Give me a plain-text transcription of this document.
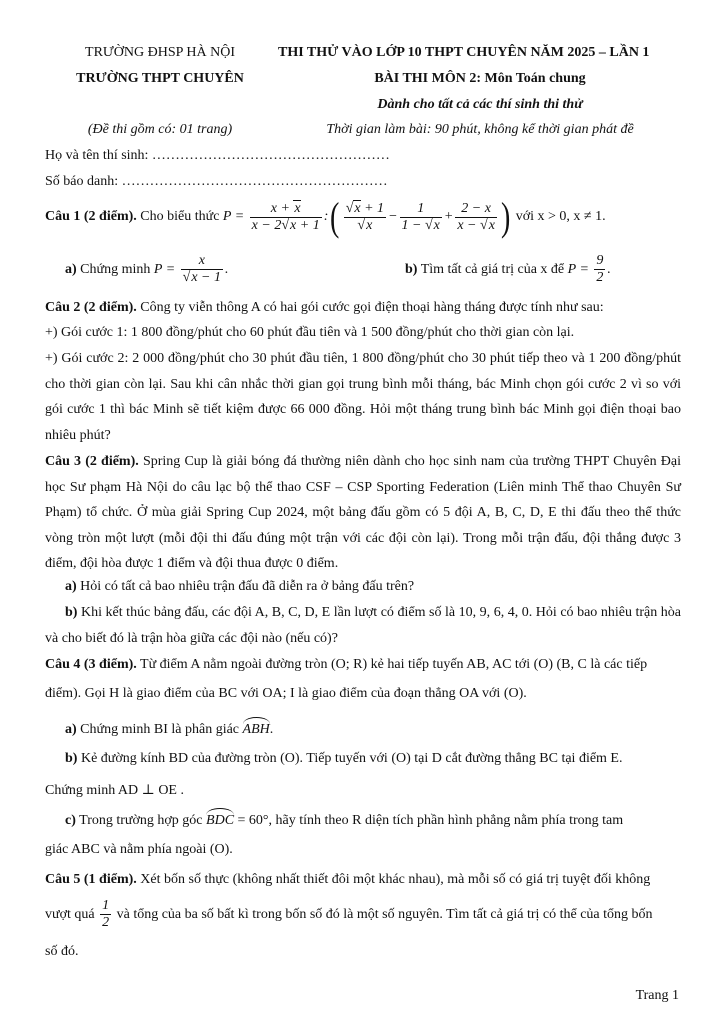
TRƯỜNG ĐHSP HÀ NỘI
TRƯỜNG THPT CHUYÊN
THI THỬ VÀO LỚP 10 THPT CHUYÊN NĂM 2025 – LẦN 1
BÀI THI MÔN 2: Môn Toán chung
Dành cho tất cả các thí sinh thi thử
(Đề thi gồm có: 01 trang)	Thời gian làm bài: 90 phút, không kể thời gian phát đề
Họ và tên thí sinh: ……………………………………………
Số báo danh: …………………………………………………
Câu 1 (2 điểm). Cho biểu thức $P = \frac{x + x}{x - 2√x + 1}$ :( $\frac{√x + 1}{√x} - \frac{1}{1 - √x} + \frac{2 - x}{x - √x}$ ) với x > 0, x ≠ 1.
a) Chứng minh $P = \frac{x}{√x - 1}$ .	b) Tìm tất cả giá trị của x để $P = \frac{9}{2}$ .
Câu 2 (2 điểm). Công ty viễn thông A có hai gói cước gọi điện thoại hàng tháng được tính như sau:
+) Gói cước 1: 1 800 đồng/phút cho 60 phút đầu tiên và 1 500 đồng/phút cho thời gian còn lại.
+) Gói cước 2: 2 000 đồng/phút cho 30 phút đầu tiên, 1 800 đồng/phút cho 30 phút tiếp theo và 1 200 đồng/phút cho thời gian còn lại. Sau khi cân nhắc thời gian gọi trung bình mỗi tháng, bác Minh chọn gói cước 2 vì so với gói cước 1 thì bác Minh sẽ tiết kiệm được 66 000 đồng. Hỏi một tháng trung bình bác Minh gọi điện thoại bao nhiêu phút?
Câu 3 (2 điểm). Spring Cup là giải bóng đá thường niên dành cho học sinh nam của trường THPT Chuyên Đại học Sư phạm Hà Nội do câu lạc bộ thể thao CSF – CSP Sporting Federation (Liên minh Thể thao Chuyên Sư Phạm) tổ chức. Ở mùa giải Spring Cup 2024, một bảng đấu gồm có 5 đội A, B, C, D, E thi đấu theo thể thức vòng tròn một lượt (mỗi đội thi đấu đúng một trận với các đội còn lại). Trong mỗi trận đấu, đội thắng được 3 điểm, đội hòa được 1 điểm và đội thua được 0 điểm.
a) Hỏi có tất cả bao nhiêu trận đấu đã diễn ra ở bảng đấu trên?
b) Khi kết thúc bảng đấu, các đội A, B, C, D, E lần lượt có điểm số là 10, 9, 6, 4, 0. Hỏi có bao nhiêu trận hòa và cho biết đó là trận hòa giữa các đội nào (nếu có)?
Câu 4 (3 điểm). Từ điểm A nằm ngoài đường tròn (O; R) kẻ hai tiếp tuyến AB, AC tới (O) (B, C là các tiếp
điểm). Gọi H là giao điểm của BC với OA; I là giao điểm của đoạn thẳng OA với (O).
a) Chứng minh BI là phân giác ABH.
b) Kẻ đường kính BD của đường tròn (O). Tiếp tuyến với (O) tại D cắt đường thẳng BC tại điểm E.
Chứng minh AD ⊥ OE .
c) Trong trường hợp góc BDC = 60°, hãy tính theo R diện tích phần hình phẳng nằm phía trong tam
giác ABC và nằm phía ngoài (O).
Câu 5 (1 điểm). Xét bốn số thực (không nhất thiết đôi một khác nhau), mà mỗi số có giá trị tuyệt đối không
vượt quá $\frac{1}{2}$ và tổng của ba số bất kì trong bốn số đó là một số nguyên. Tìm tất cả giá trị có thể của tổng bốn
số đó.
Trang 1
